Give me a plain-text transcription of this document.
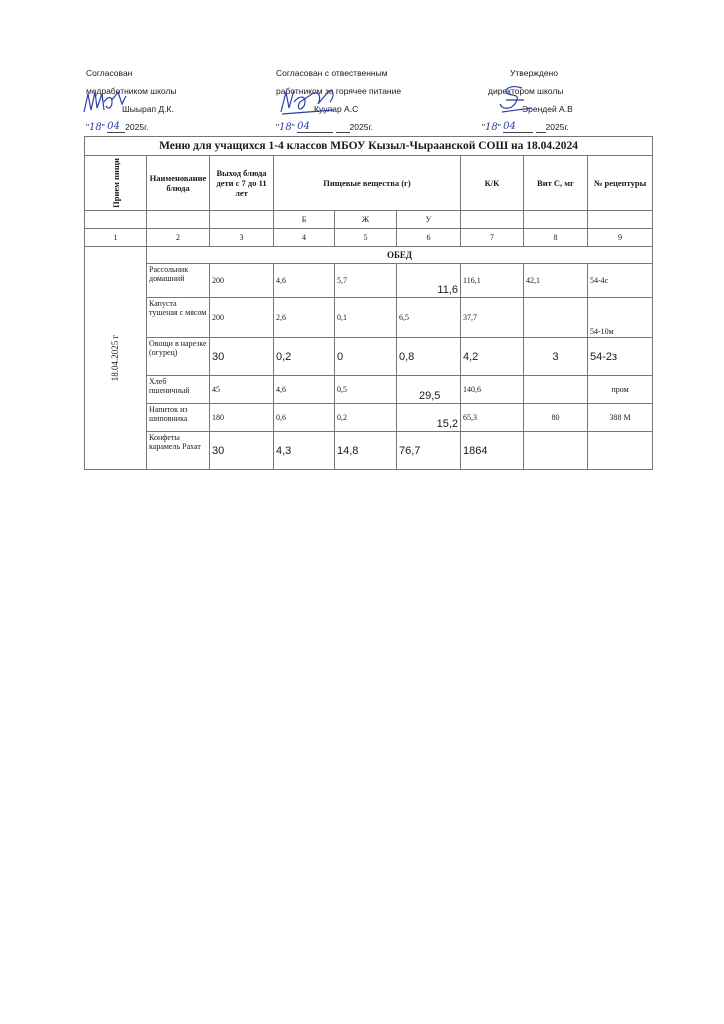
Согласован
медработником школы
Шыырап Д.К.
"18" 04 2025г.
Согласован с отвественным
работником за горячее питание
Куулар А.С
"18" 04	2025г.
Утверждено
директором школы
Эрендей А.В
"18" 04	2025г.
Меню для учащихся 1-4 классов МБОУ Кызыл-Чыраанской СОШ на 18.04.2024								
Прием пищи	Наименование блюда	Выход блюда дети с 7 до 11 лет	Пищевые вещества (г)			К/К	Вит С, мг	№ рецептуры
			Б	Ж	У			
1	2	3	4	5	6	7	8	9
18.04.2025 г	ОБЕД							
	Рассольник домашний	200	4,6	5,7	11,6	116,1	42,1	54-4с
	Капуста тушеная с мясом	200	2,6	0,1	6,5	37,7		54-10м
	Овощи в нарезке (огурец)	30	0,2	0	0,8	4,2	3	54-2з
	Хлеб пшеничный	45	4,6	0,5	29,5	140,6		пром
	Напиток из шиповника	180	0,6	0,2	15,2	65,3	80	388 М
	Конфеты карамель Рахат	30	4,3	14,8	76,7	1864		
